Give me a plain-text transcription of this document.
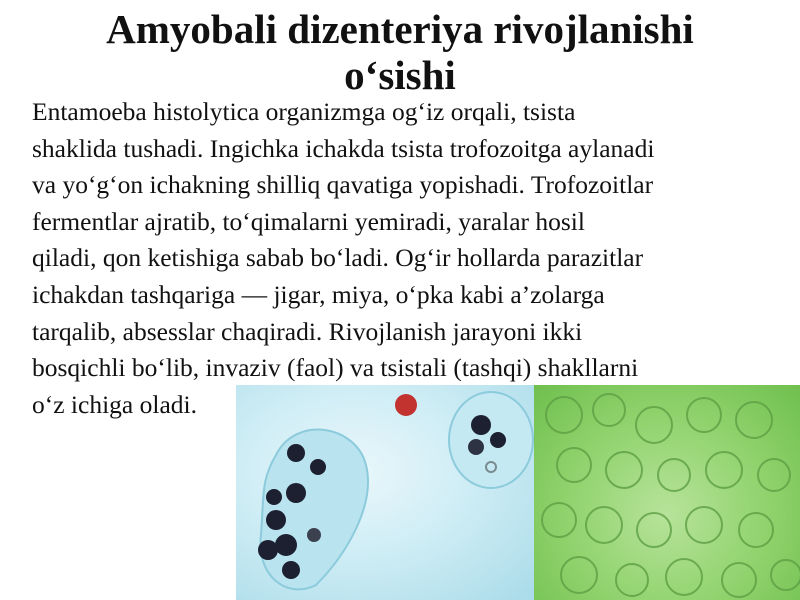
Amyobali dizenteriya rivojlanishi
o‘sishi
Entamoeba histolytica organizmga og‘iz orqali, tsista
shaklida tushadi. Ingichka ichakda tsista trofozoitga aylanadi
va yo‘g‘on ichakning shilliq qavatiga yopishadi. Trofozoitlar
fermentlar ajratib, to‘qimalarni yemiradi, yaralar hosil
qiladi, qon ketishiga sabab bo‘ladi. Og‘ir hollarda parazitlar
ichakdan tashqariga — jigar, miya, o‘pka kabi a’zolarga
tarqalib, absesslar chaqiradi. Rivojlanish jarayoni ikki
bosqichli bo‘lib, invaziv (faol) va tsistali (tashqi) shakllarni
o‘z ichiga oladi.
